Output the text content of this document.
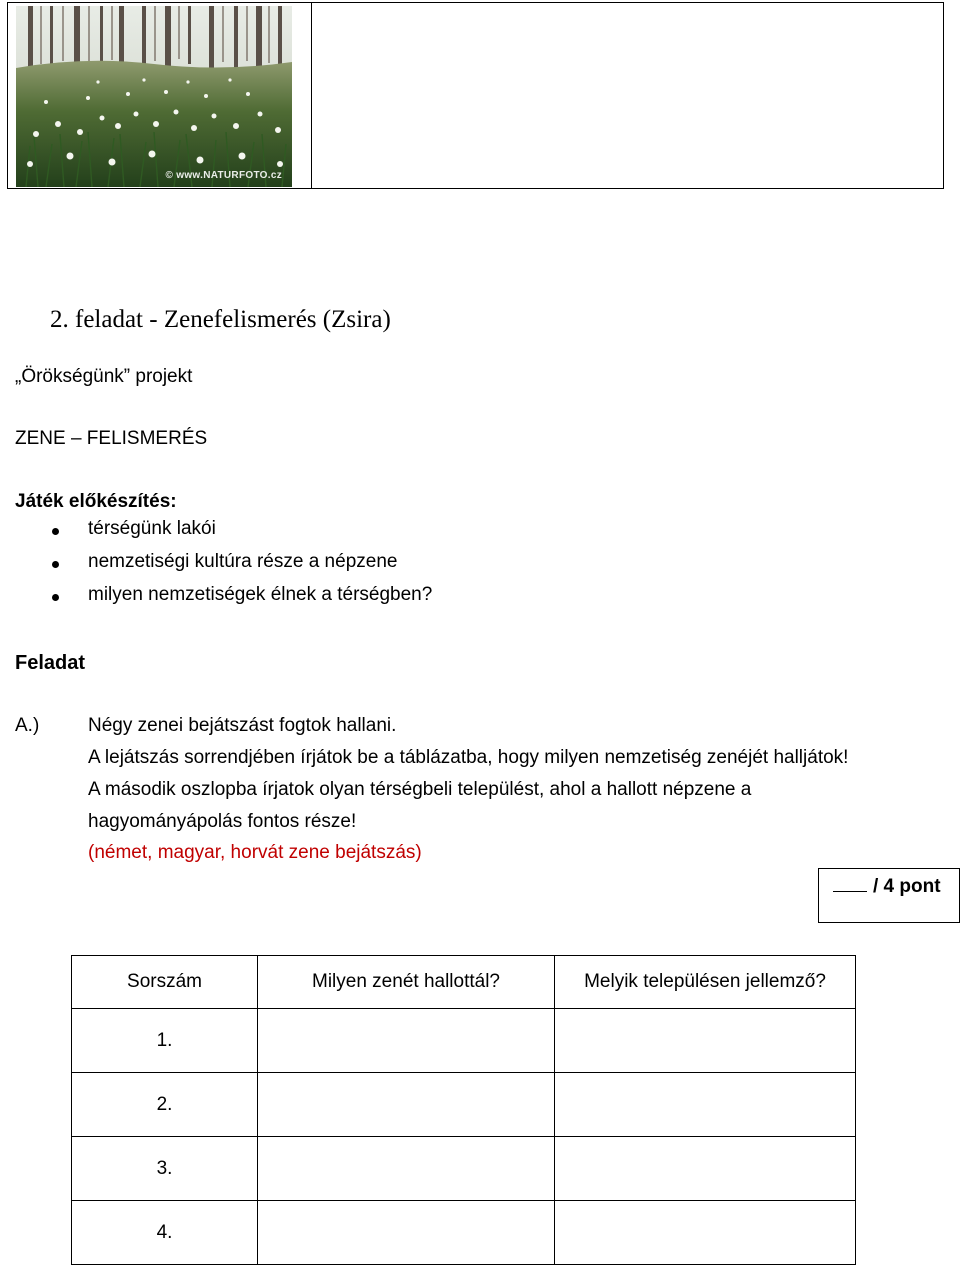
© www.NATURFOTO.cz
2. feladat - Zenefelismerés (Zsira)
„Örökségünk” projekt
ZENE – FELISMERÉS
Játék előkészítés:
térségünk lakói
nemzetiségi kultúra része a népzene
milyen nemzetiségek élnek a térségben?
Feladat
A.)	Négy zenei bejátszást fogtok hallani.
A lejátszás sorrendjében írjátok be a táblázatba, hogy milyen nemzetiség zenéjét halljátok!
A második oszlopba írjatok olyan térségbeli települést, ahol a hallott népzene a
hagyományápolás fontos része!
(német, magyar, horvát zene bejátszás)
/ 4 pont
Sorszám	Milyen zenét hallottál?	Melyik településen jellemző?
1.		
2.		
3.		
4.		
